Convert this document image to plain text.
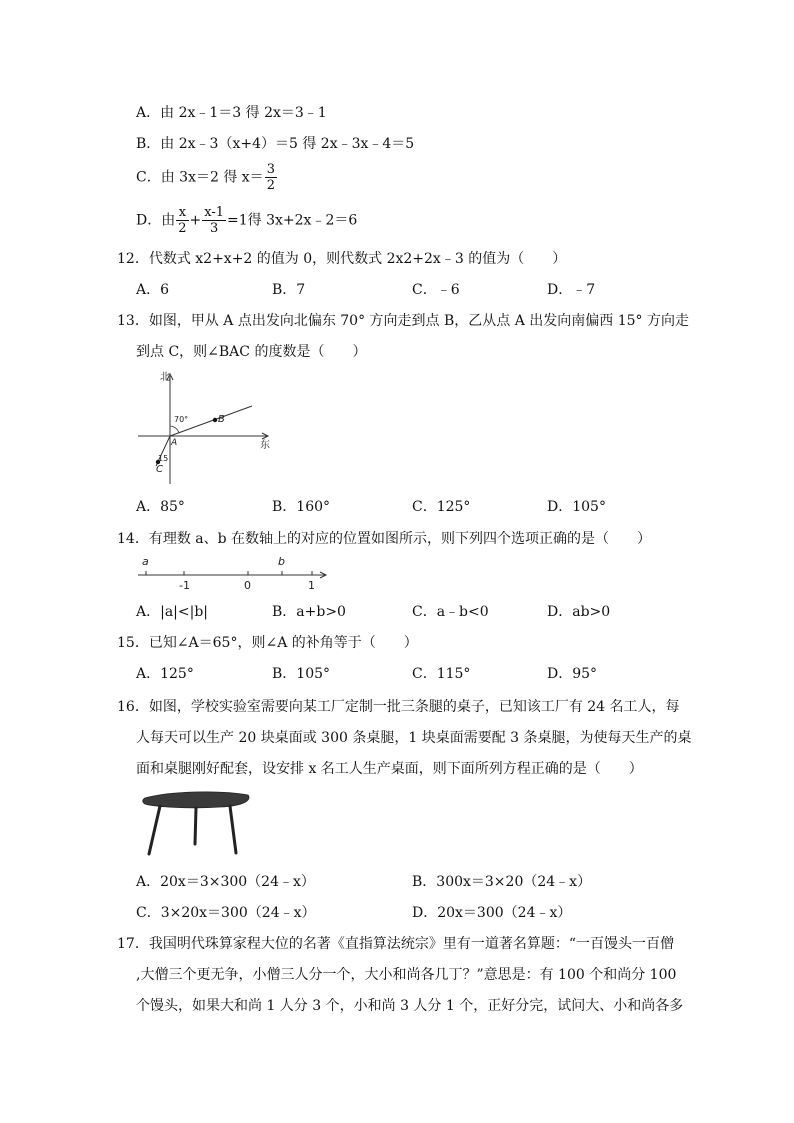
A．由 2x﹣1＝3 得 2x＝3﹣1
B．由 2x﹣3（x+4）＝5 得 2x﹣3x﹣4＝5
C．由 3x＝2 得 $x= \frac{3}{2}$
D．由 $\frac{x}{2} + \frac{x-1}{3} =1$得 3x+2x﹣2＝6
12．代数式 x2+x+2 的值为 0，则代数式 2x2+2x﹣3 的值为（　　）
A．6	B．7	C．﹣6	D．﹣7
13．如图，甲从 A 点出发向北偏东 70° 方向走到点 B，乙从点 A 出发向南偏西 15° 方向走
到点 C，则∠BAC 的度数是（　　）
北
东
70°	B
A
15
C
A．85°	B．160°	C．125°	D．105°
14．有理数 a、b 在数轴上的对应的位置如图所示，则下列四个选项正确的是（　　）
a	b
-1	0	1
A．|a|<|b|	B．a+b>0	C．a﹣b<0	D．ab>0
15．已知∠A＝65°，则∠A 的补角等于（　　）
A．125°	B．105°	C．115°	D．95°
16．如图，学校实验室需要向某工厂定制一批三条腿的桌子，已知该工厂有 24 名工人，每
人每天可以生产 20 块桌面或 300 条桌腿，1 块桌面需要配 3 条桌腿，为使每天生产的桌
面和桌腿刚好配套，设安排 x 名工人生产桌面，则下面所列方程正确的是（　　）
A．20x＝3×300（24﹣x）	B．300x＝3×20（24﹣x）
C．3×20x＝300（24﹣x）	D．20x＝300（24﹣x）
17．我国明代珠算家程大位的名著《直指算法统宗》里有一道著名算题：“一百馒头一百僧
,大僧三个更无争，小僧三人分一个，大小和尚各几丁？”意思是：有 100 个和尚分 100
个馒头，如果大和尚 1 人分 3 个，小和尚 3 人分 1 个，正好分完，试问大、小和尚各多
